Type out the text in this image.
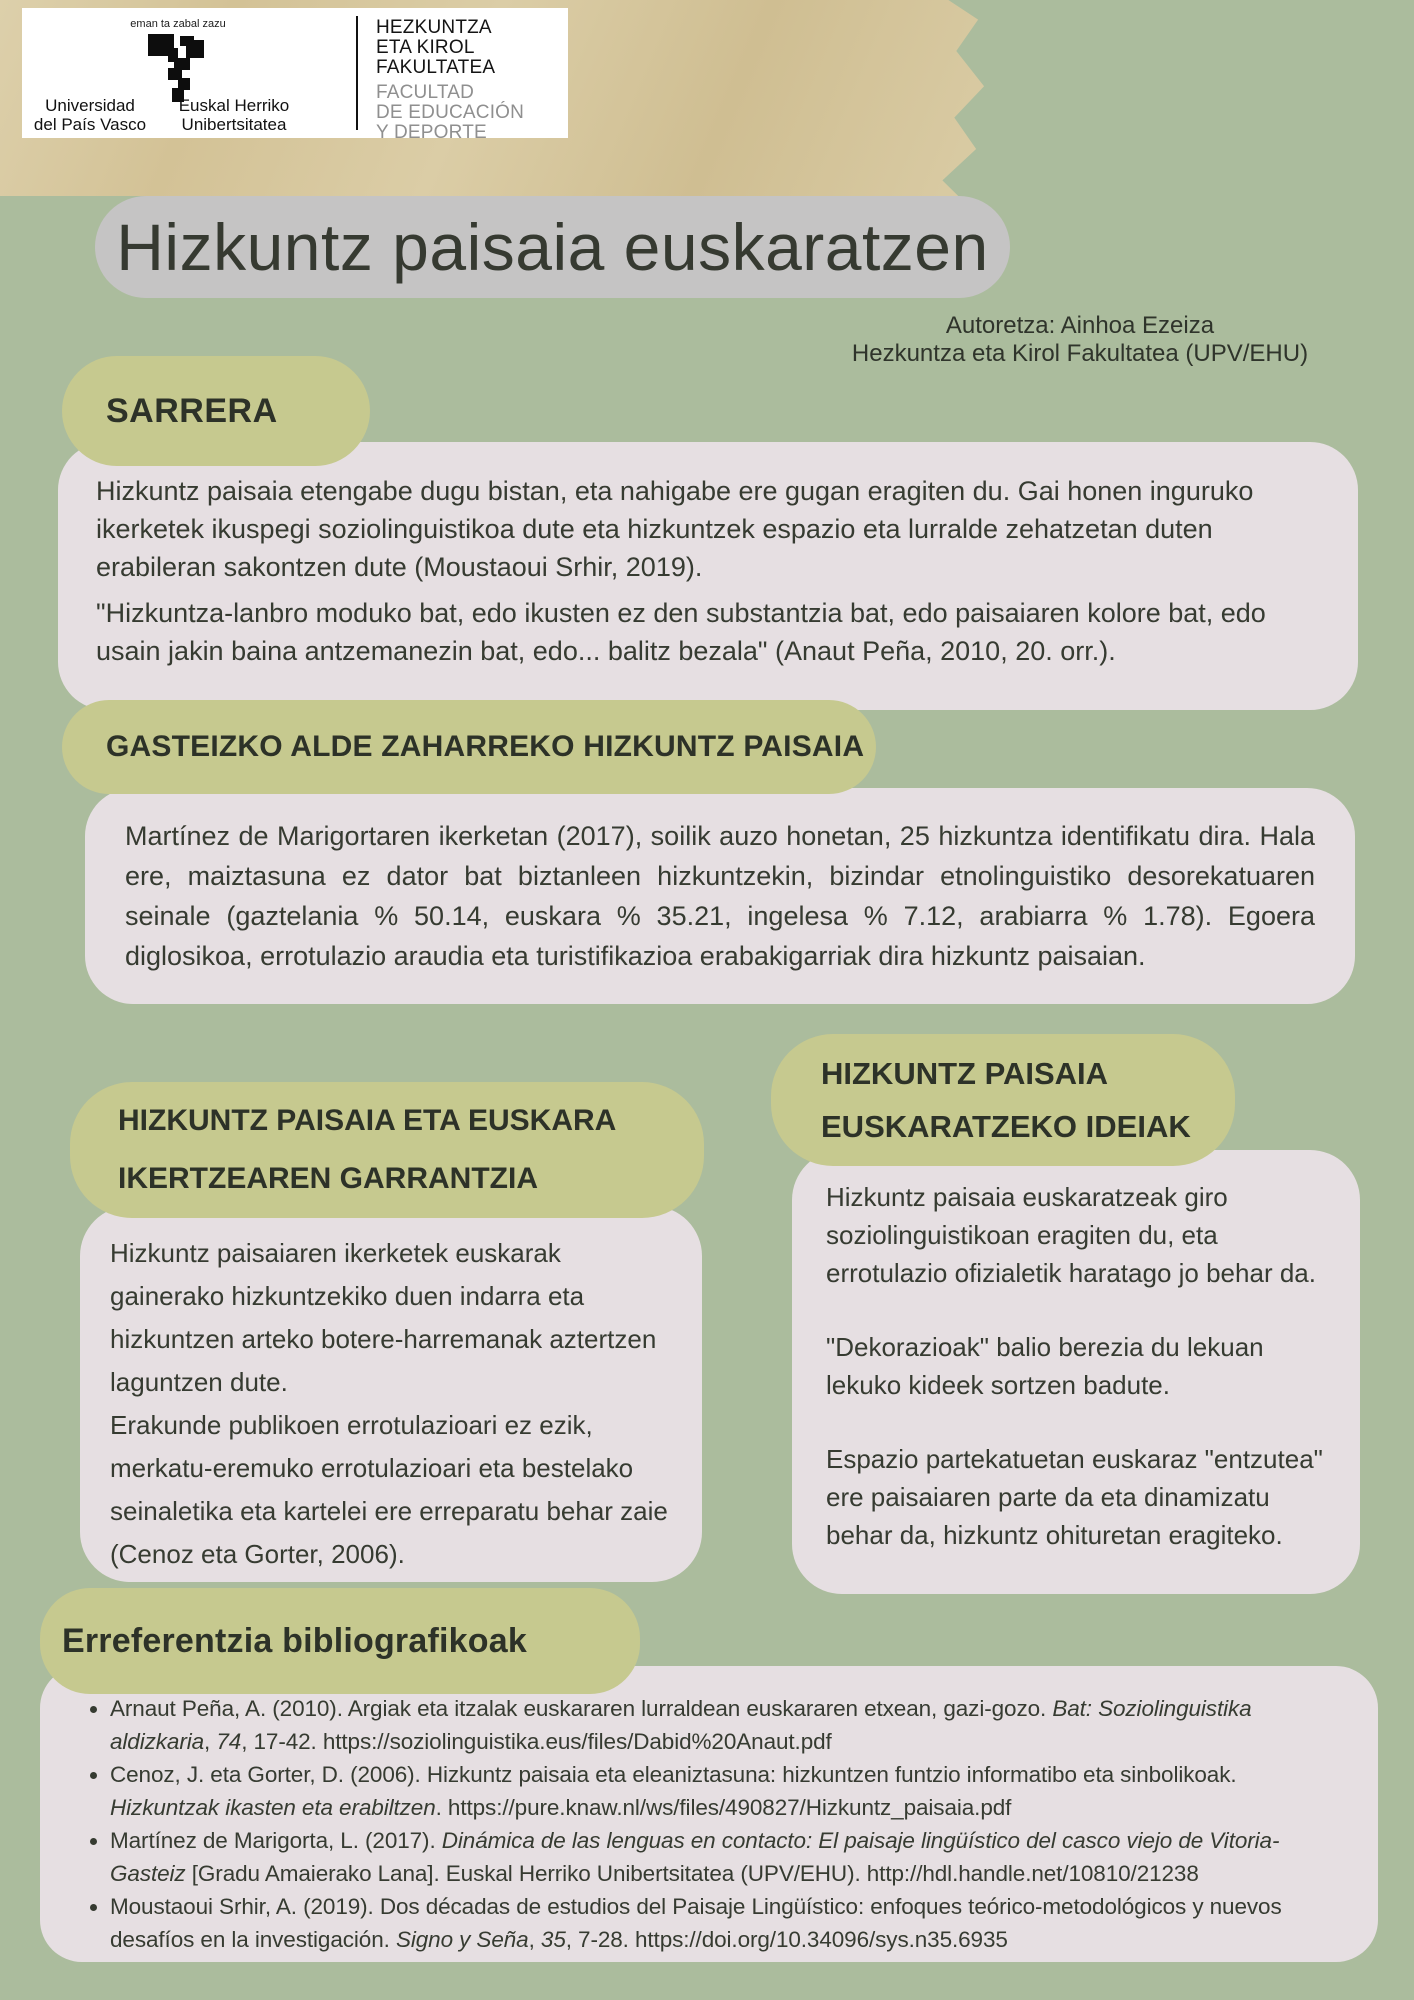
eman ta zabal zazu
Universidad
del País Vasco
Euskal Herriko
Unibertsitatea
HEZKUNTZA
ETA KIROL
FAKULTATEA
FACULTAD
DE EDUCACIÓN
Y DEPORTE
Hizkuntz paisaia euskaratzen
Autoretza: Ainhoa Ezeiza
Hezkuntza eta Kirol Fakultatea (UPV/EHU)
SARRERA

Hizkuntz paisaia etengabe dugu bistan, eta nahigabe ere gugan eragiten du. Gai honen inguruko ikerketek ikuspegi soziolinguistikoa dute eta hizkuntzek espazio eta lurralde zehatzetan duten erabileran sakontzen dute (Moustaoui Srhir, 2019).

"Hizkuntza-lanbro moduko bat, edo ikusten ez den substantzia bat, edo paisaiaren kolore bat, edo usain jakin baina antzemanezin bat, edo... balitz bezala" (Anaut Peña, 2010, 20. orr.).

GASTEIZKO ALDE ZAHARREKO HIZKUNTZ PAISAIA

Martínez de Marigortaren ikerketan (2017), soilik auzo honetan, 25 hizkuntza identifikatu dira. Hala ere, maiztasuna ez dator bat biztanleen hizkuntzekin, bizindar etnolinguistiko desorekatuaren seinale (gaztelania % 50.14, euskara % 35.21, ingelesa % 7.12, arabiarra % 1.78). Egoera diglosikoa, errotulazio araudia eta turistifikazioa erabakigarriak dira hizkuntz paisaian.

HIZKUNTZ PAISAIA ETA EUSKARA
IKERTZEAREN GARRANTZIA

Hizkuntz paisaiaren ikerketek euskarak gainerako hizkuntzekiko duen indarra eta hizkuntzen arteko botere-harremanak aztertzen laguntzen dute.

Erakunde publikoen errotulazioari ez ezik, merkatu-eremuko errotulazioari eta bestelako seinaletika eta kartelei ere erreparatu behar zaie (Cenoz eta Gorter, 2006).

HIZKUNTZ PAISAIA
EUSKARATZEKO IDEIAK

Hizkuntz paisaia euskaratzeak giro soziolinguistikoan eragiten du, eta errotulazio ofizialetik haratago jo behar da.

"Dekorazioak" balio berezia du lekuan lekuko kideek sortzen badute.

Espazio partekatuetan euskaraz "entzutea" ere paisaiaren parte da eta dinamizatu behar da, hizkuntz ohituretan eragiteko.

Erreferentzia bibliografikoak
• Arnaut Peña, A. (2010). Argiak eta itzalak euskararen lurraldean euskararen etxean, gazi-gozo. Bat: Soziolinguistika aldizkaria, 74, 17-42. https://soziolinguistika.eus/files/Dabid%20Anaut.pdf
• Cenoz, J. eta Gorter, D. (2006). Hizkuntz paisaia eta eleaniztasuna: hizkuntzen funtzio informatibo eta sinbolikoak. Hizkuntzak ikasten eta erabiltzen. https://pure.knaw.nl/ws/files/490827/Hizkuntz_paisaia.pdf
• Martínez de Marigorta, L. (2017). Dinámica de las lenguas en contacto: El paisaje lingüístico del casco viejo de Vitoria-Gasteiz [Gradu Amaierako Lana]. Euskal Herriko Unibertsitatea (UPV/EHU). http://hdl.handle.net/10810/21238
• Moustaoui Srhir, A. (2019). Dos décadas de estudios del Paisaje Lingüístico: enfoques teórico-metodológicos y nuevos desafíos en la investigación. Signo y Seña, 35, 7-28. https://doi.org/10.34096/sys.n35.6935
